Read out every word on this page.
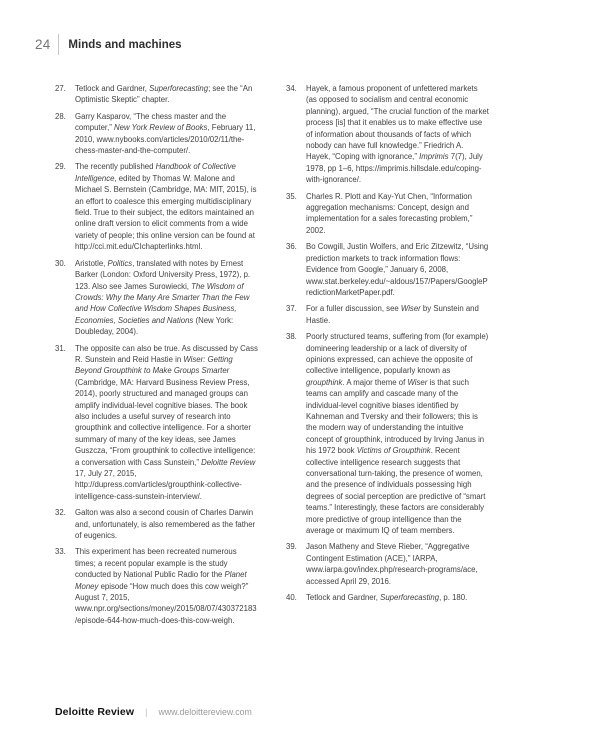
24 Minds and machines
27.	Tetlock and Gardner, Superforecasting; see the “An Optimistic Skeptic” chapter.
28.	Garry Kasparov, “The chess master and the computer,” New York Review of Books, February 11, 2010, www.nybooks.com/articles/2010/02/11/the-chess-master-and-the-computer/.
29.	The recently published Handbook of Collective Intelligence, edited by Thomas W. Malone and Michael S. Bernstein (Cambridge, MA: MIT, 2015), is an effort to coalesce this emerging multidisciplinary field. True to their subject, the editors maintained an online draft version to elicit comments from a wide variety of people; this online version can be found at http://cci.mit.edu/CIchapterlinks.html.
30.	Aristotle, Politics, translated with notes by Ernest Barker (London: Oxford University Press, 1972), p. 123. Also see James Surowiecki, The Wisdom of Crowds: Why the Many Are Smarter Than the Few and How Collective Wisdom Shapes Business, Economies, Societies and Nations (New York: Doubleday, 2004).
31.	The opposite can also be true. As discussed by Cass R. Sunstein and Reid Hastie in Wiser: Getting Beyond Groupthink to Make Groups Smarter (Cambridge, MA: Harvard Business Review Press, 2014), poorly structured and managed groups can amplify individual-level cognitive biases. The book also includes a useful survey of research into groupthink and collective intelligence. For a shorter summary of many of the key ideas, see James Guszcza, “From groupthink to collective intelligence: a conversation with Cass Sunstein,” Deloitte Review 17, July 27, 2015, http://dupress.com/articles/groupthink-collective-intelligence-cass-sunstein-interview/.
32.	Galton was also a second cousin of Charles Darwin and, unfortunately, is also remembered as the father of eugenics.
33.	This experiment has been recreated numerous times; a recent popular example is the study conducted by National Public Radio for the Planet Money episode “How much does this cow weigh?” August 7, 2015, www.npr.org/sections/money/2015/08/07/430372183/episode-644-how-much-does-this-cow-weigh.
34.	Hayek, a famous proponent of unfettered markets (as opposed to socialism and central economic planning), argued, “The crucial function of the market process [is] that it enables us to make effective use of information about thousands of facts of which nobody can have full knowledge.” Friedrich A. Hayek, “Coping with ignorance,” Imprimis 7(7), July 1978, pp 1–6, https://imprimis.hillsdale.edu/coping-with-ignorance/.
35.	Charles R. Plott and Kay-Yut Chen, “Information aggregation mechanisms: Concept, design and implementation for a sales forecasting problem,” 2002.
36.	Bo Cowgill, Justin Wolfers, and Eric Zitzewitz, “Using prediction markets to track information flows: Evidence from Google,” January 6, 2008, www.stat.berkeley.edu/~aldous/157/Papers/GooglePredictionMarketPaper.pdf.
37.	For a fuller discussion, see Wiser by Sunstein and Hastie.
38.	Poorly structured teams, suffering from (for example) domineering leadership or a lack of diversity of opinions expressed, can achieve the opposite of collective intelligence, popularly known as groupthink. A major theme of Wiser is that such teams can amplify and cascade many of the individual-level cognitive biases identified by Kahneman and Tversky and their followers; this is the modern way of understanding the intuitive concept of groupthink, introduced by Irving Janus in his 1972 book Victims of Groupthink. Recent collective intelligence research suggests that conversational turn-taking, the presence of women, and the presence of individuals possessing high degrees of social perception are predictive of “smart teams.” Interestingly, these factors are considerably more predictive of group intelligence than the average or maximum IQ of team members.
39.	Jason Matheny and Steve Rieber, “Aggregative Contingent Estimation (ACE),” IARPA, www.iarpa.gov/index.php/research-programs/ace, accessed April 29, 2016.
40.	Tetlock and Gardner, Superforecasting, p. 180.
Deloitte Review | www.deloittereview.com
